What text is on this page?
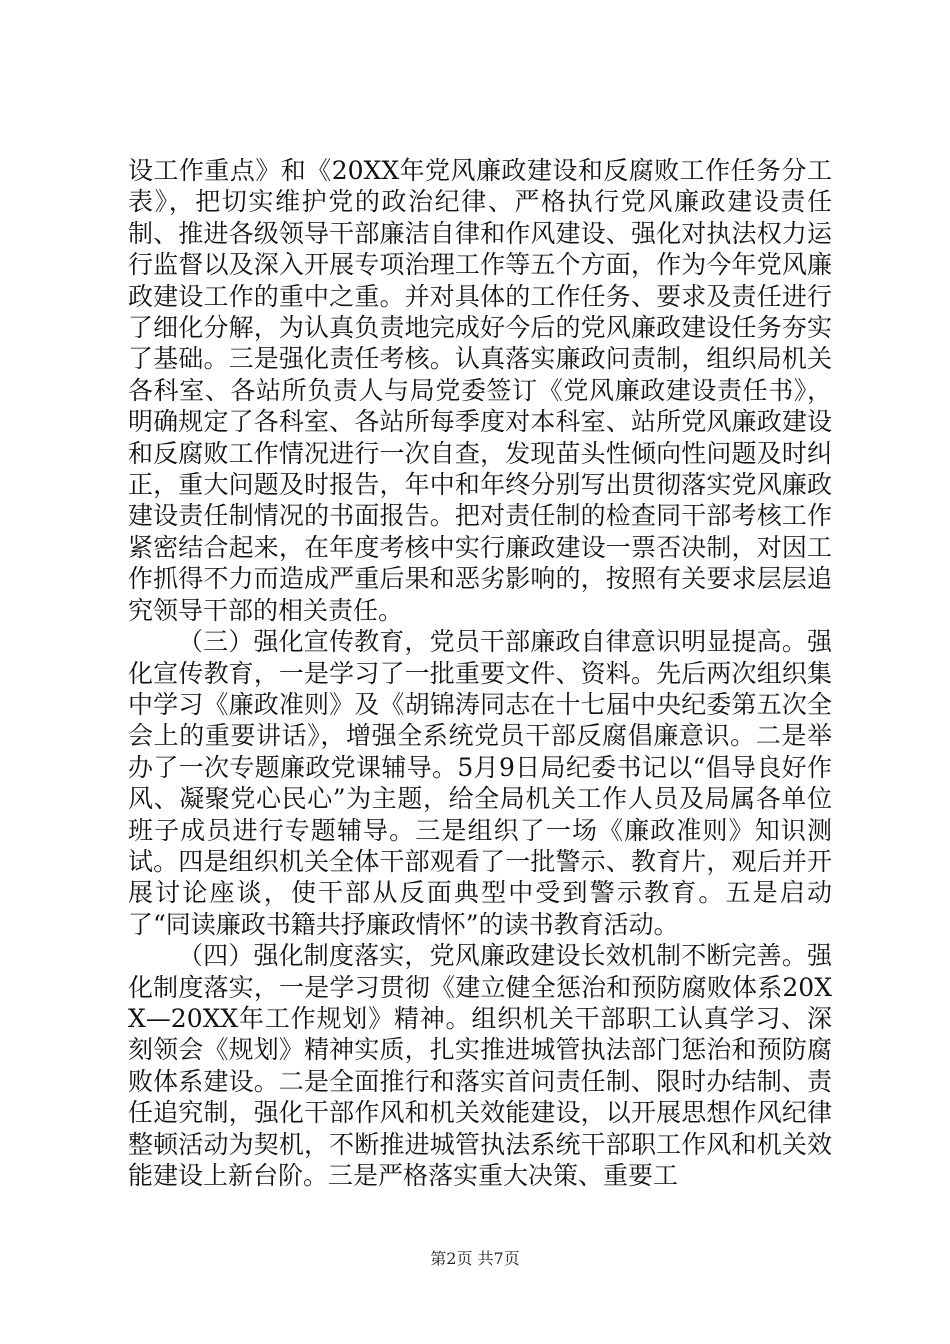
设工作重点》和《20XX年党风廉政建设和反腐败工作任务分工表》，把切实维护党的政治纪律、严格执行党风廉政建设责任制、推进各级领导干部廉洁自律和作风建设、强化对执法权力运行监督以及深入开展专项治理工作等五个方面，作为今年党风廉政建设工作的重中之重。并对具体的工作任务、要求及责任进行了细化分解，为认真负责地完成好今后的党风廉政建设任务夯实了基础。三是强化责任考核。认真落实廉政问责制，组织局机关各科室、各站所负责人与局党委签订《党风廉政建设责任书》，明确规定了各科室、各站所每季度对本科室、站所党风廉政建设和反腐败工作情况进行一次自查，发现苗头性倾向性问题及时纠正，重大问题及时报告，年中和年终分别写出贯彻落实党风廉政建设责任制情况的书面报告。把对责任制的检查同干部考核工作紧密结合起来，在年度考核中实行廉政建设一票否决制，对因工作抓得不力而造成严重后果和恶劣影响的，按照有关要求层层追究领导干部的相关责任。

（三）强化宣传教育，党员干部廉政自律意识明显提高。强化宣传教育，一是学习了一批重要文件、资料。先后两次组织集中学习《廉政准则》及《胡锦涛同志在十七届中央纪委第五次全会上的重要讲话》，增强全系统党员干部反腐倡廉意识。二是举办了一次专题廉政党课辅导。5月9日局纪委书记以“倡导良好作风、凝聚党心民心”为主题，给全局机关工作人员及局属各单位班子成员进行专题辅导。三是组织了一场《廉政准则》知识测试。四是组织机关全体干部观看了一批警示、教育片，观后并开展讨论座谈，使干部从反面典型中受到警示教育。五是启动了“同读廉政书籍共抒廉政情怀”的读书教育活动。

（四）强化制度落实，党风廉政建设长效机制不断完善。强化制度落实，一是学习贯彻《建立健全惩治和预防腐败体系20XX—20XX年工作规划》精神。组织机关干部职工认真学习、深刻领会《规划》精神实质，扎实推进城管执法部门惩治和预防腐败体系建设。二是全面推行和落实首问责任制、限时办结制、责任追究制，强化干部作风和机关效能建设，以开展思想作风纪律整顿活动为契机，不断推进城管执法系统干部职工作风和机关效能建设上新台阶。三是严格落实重大决策、重要工

第2页 共7页
